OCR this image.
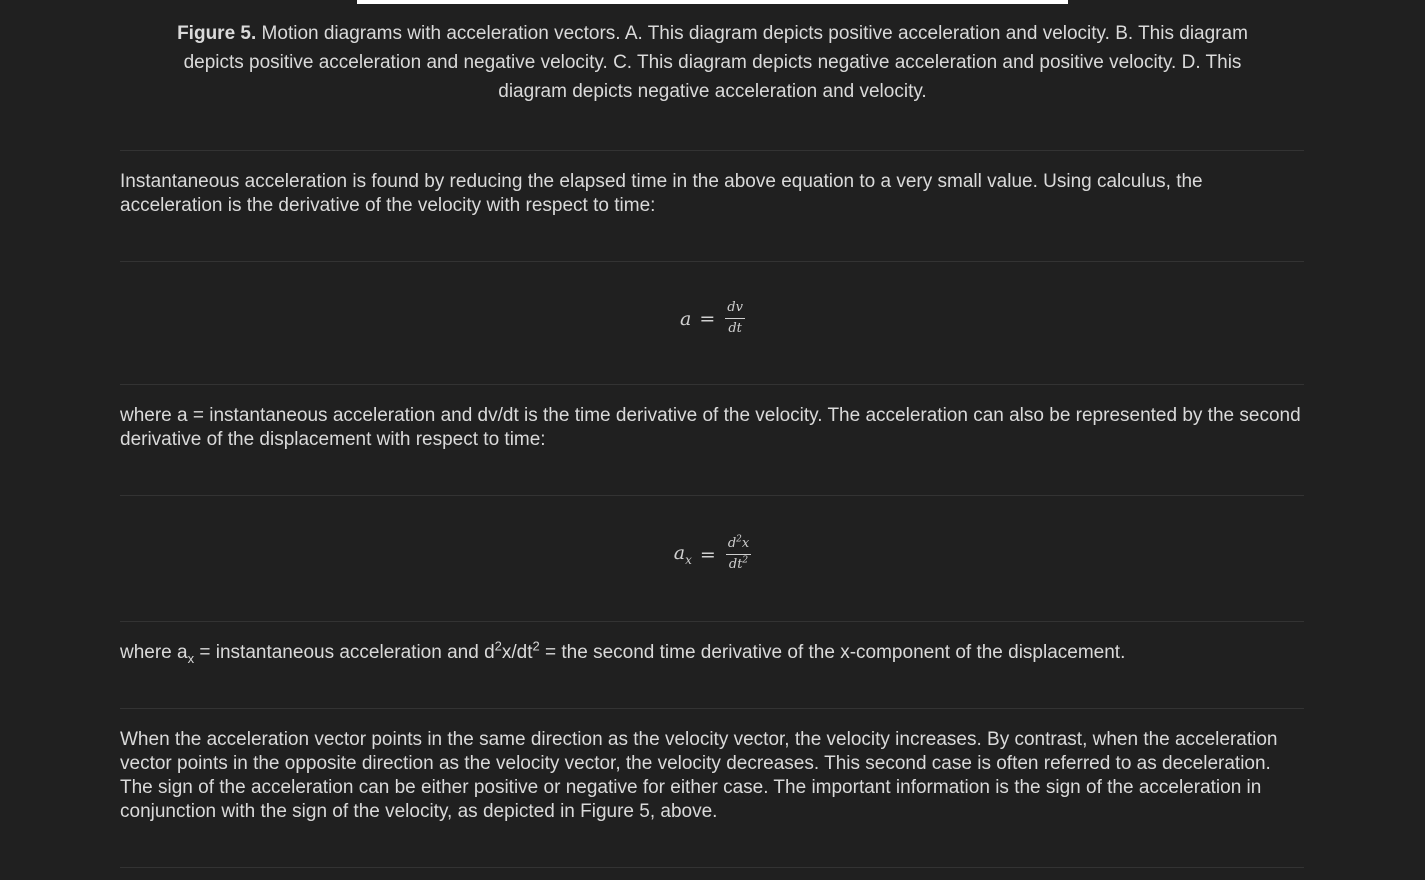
Figure 5. Motion diagrams with acceleration vectors. A. This diagram depicts positive acceleration and velocity. B. This diagram depicts positive acceleration and negative velocity. C. This diagram depicts negative acceleration and positive velocity. D. This diagram depicts negative acceleration and velocity.
Instantaneous acceleration is found by reducing the elapsed time in the above equation to a very small value. Using calculus, the acceleration is the derivative of the velocity with respect to time:
$a = \frac{dv}{dt}$
where a = instantaneous acceleration and dv/dt is the time derivative of the velocity. The acceleration can also be represented by the second derivative of the displacement with respect to time:
$a_x = \frac{d^2x}{dt^2}$
where $a_x$ = instantaneous acceleration and $d^2x/dt^2$ = the second time derivative of the x-component of the displacement.
When the acceleration vector points in the same direction as the velocity vector, the velocity increases. By contrast, when the acceleration vector points in the opposite direction as the velocity vector, the velocity decreases. This second case is often referred to as deceleration. The sign of the acceleration can be either positive or negative for either case. The important information is the sign of the acceleration in conjunction with the sign of the velocity, as depicted in Figure 5, above.
